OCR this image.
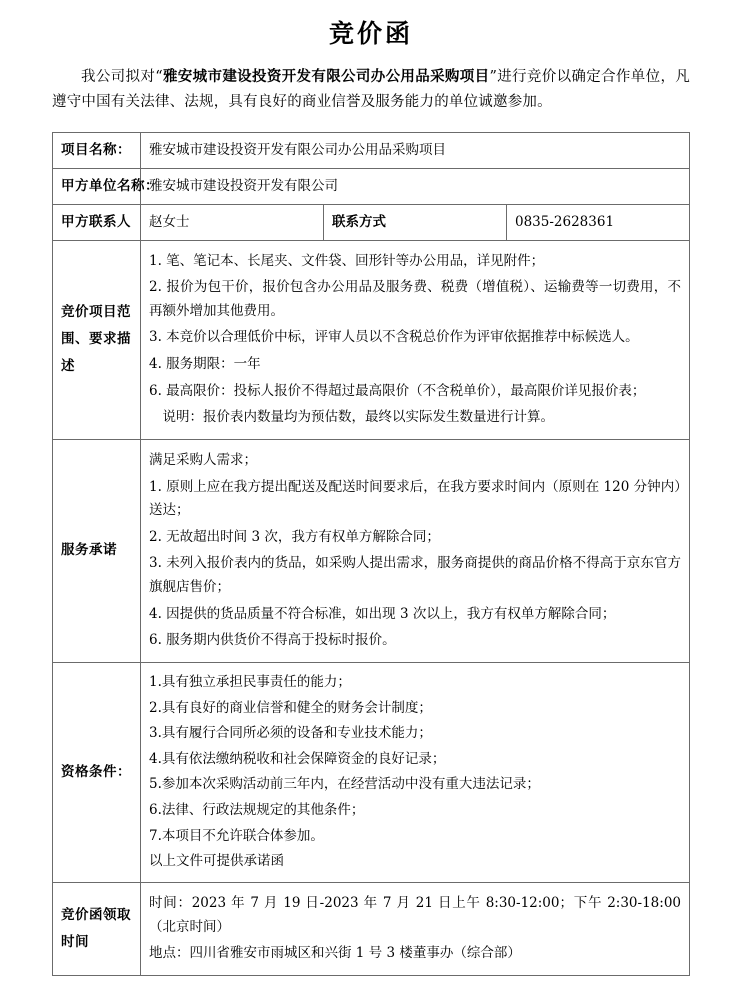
竞价函

我公司拟对“雅安城市建设投资开发有限公司办公用品采购项目”进行竞价以确定合作单位，凡遵守中国有关法律、法规，具有良好的商业信誉及服务能力的单位诚邀参加。

项目名称：	雅安城市建设投资开发有限公司办公用品采购项目		
甲方单位名称：	雅安城市建设投资开发有限公司		
甲方联系人	赵女士	联系方式	0835-2628361
竞价项目范围、要求描述	
1. 笔、笔记本、长尾夹、文件袋、回形针等办公用品，详见附件；
2. 报价为包干价，报价包含办公用品及服务费、税费（增值税）、运输费等一切费用，不再额外增加其他费用。
3. 本竞价以合理低价中标，评审人员以不含税总价作为评审依据推荐中标候选人。
4. 服务期限：一年
6. 最高限价：投标人报价不得超过最高限价（不含税单价），最高限价详见报价表；
说明：报价表内数量均为预估数，最终以实际发生数量进行计算。

服务承诺	
满足采购人需求；
1. 原则上应在我方提出配送及配送时间要求后，在我方要求时间内（原则在 120 分钟内）送达；
2. 无故超出时间 3 次，我方有权单方解除合同；
3. 未列入报价表内的货品，如采购人提出需求，服务商提供的商品价格不得高于京东官方旗舰店售价；
4. 因提供的货品质量不符合标准，如出现 3 次以上，我方有权单方解除合同；
6. 服务期内供货价不得高于投标时报价。

资格条件：	
1.具有独立承担民事责任的能力；
2.具有良好的商业信誉和健全的财务会计制度；
3.具有履行合同所必须的设备和专业技术能力；
4.具有依法缴纳税收和社会保障资金的良好记录；
5.参加本次采购活动前三年内，在经营活动中没有重大违法记录；
6.法律、行政法规规定的其他条件；
7.本项目不允许联合体参加。
以上文件可提供承诺函

竞价函领取时间	时间：2023 年 7 月 19 日-2023 年 7 月 21 日上午 8:30-12:00；下午 2:30-18:00（北京时间）
地点：四川省雅安市雨城区和兴街 1 号 3 楼董事办（综合部）		
